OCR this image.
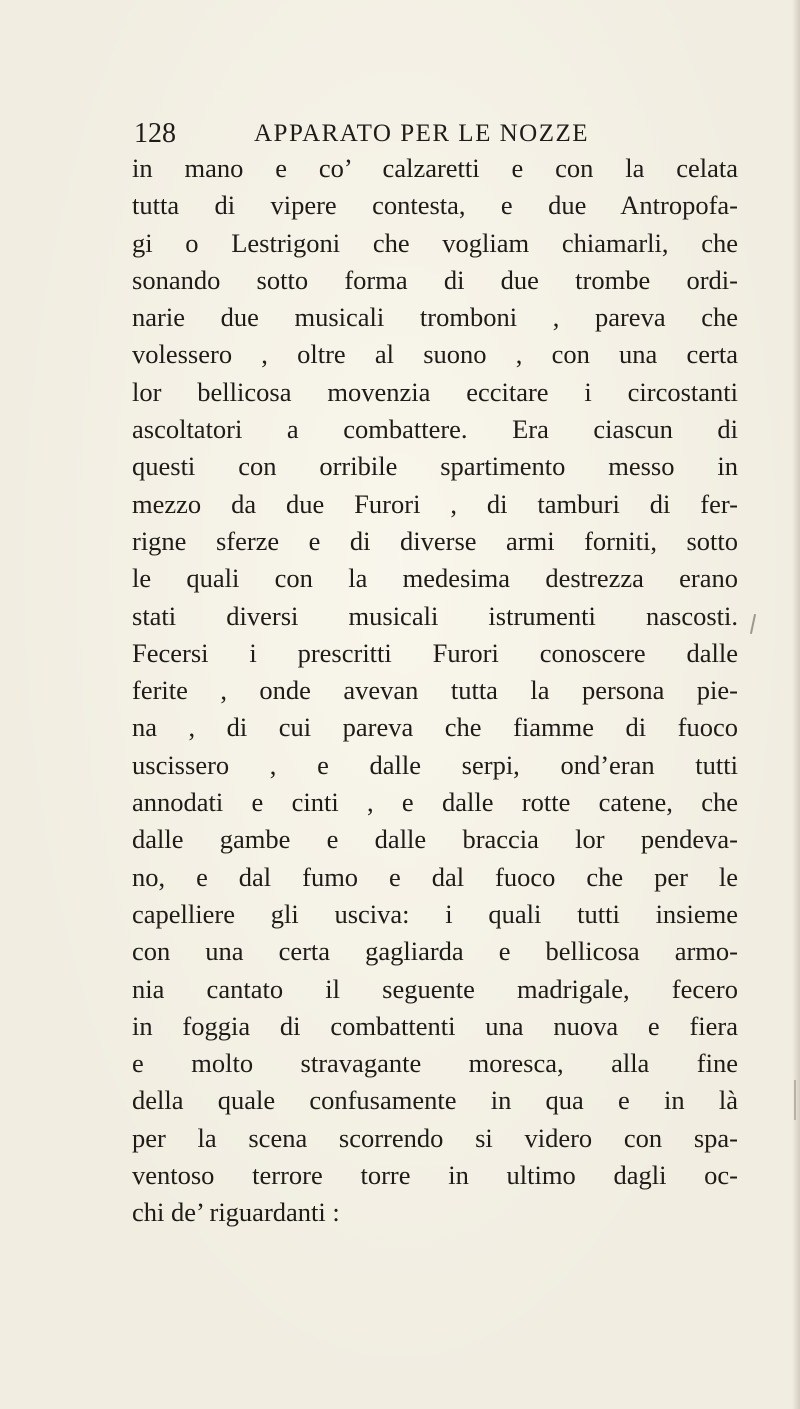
128	APPARATO PER LE NOZZE
in mano e co’ calzaretti e con la celata
tutta di vipere contesta, e due Antropofa-
gi o Lestrigoni che vogliam chiamarli, che
sonando sotto forma di due trombe ordi-
narie due musicali tromboni , pareva che
volessero , oltre al suono , con una certa
lor bellicosa movenzia eccitare i circostanti
ascoltatori a combattere. Era ciascun di
questi con orribile spartimento messo in
mezzo da due Furori , di tamburi di fer-
rigne sferze e di diverse armi forniti, sotto
le quali con la medesima destrezza erano
stati diversi musicali istrumenti nascosti.
Fecersi i prescritti Furori conoscere dalle
ferite , onde avevan tutta la persona pie-
na , di cui pareva che fiamme di fuoco
uscissero , e dalle serpi, ond’eran tutti
annodati e cinti , e dalle rotte catene, che
dalle gambe e dalle braccia lor pendeva-
no, e dal fumo e dal fuoco che per le
capelliere gli usciva: i quali tutti insieme
con una certa gagliarda e bellicosa armo-
nia cantato il seguente madrigale, fecero
in foggia di combattenti una nuova e fiera
e molto stravagante moresca, alla fine
della quale confusamente in qua e in là
per la scena scorrendo si videro con spa-
ventoso terrore torre in ultimo dagli oc-
chi de’ riguardanti :
